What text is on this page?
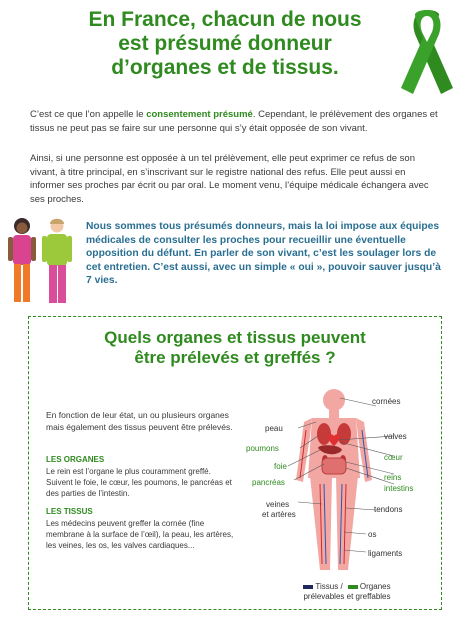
En France, chacun de nous
est présumé donneur
d’organes et de tissus.
C’est ce que l’on appelle le consentement présumé. Cependant, le prélèvement des organes et tissus ne peut pas se faire sur une personne qui s’y était opposée de son vivant.
Ainsi, si une personne est opposée à un tel prélèvement, elle peut exprimer ce refus de son vivant, à titre principal, en s’inscrivant sur le registre national des refus. Elle peut aussi en informer ses proches par écrit ou par oral. Le moment venu, l’équipe médicale échangera avec ses proches.
Nous sommes tous présumés donneurs, mais la loi impose aux équipes médicales de consulter les proches pour recueillir une éventuelle opposition du défunt. En parler de son vivant, c’est les soulager lors de cet entretien. C’est aussi, avec un simple « oui », pouvoir sauver jusqu’à 7 vies.
Quels organes et tissus peuvent
être prélevés et greffés ?
En fonction de leur état, un ou plusieurs organes mais également des tissus peuvent être prélevés.
LES ORGANES
Le rein est l’organe le plus couramment greffé. Suivent le foie, le cœur, les poumons, le pancréas et des parties de l’intestin.
LES TISSUS
Les médecins peuvent greffer la cornée (fine membrane à la surface de l’œil), la peau, les artères, les veines, les os, les valves cardiaques...
cornées
peau
valves
poumons
cœur
foie
reins
pancréas
intestins
veines
et artères
tendons
os
ligaments
Tissus / Organes
prélevables et greffables
